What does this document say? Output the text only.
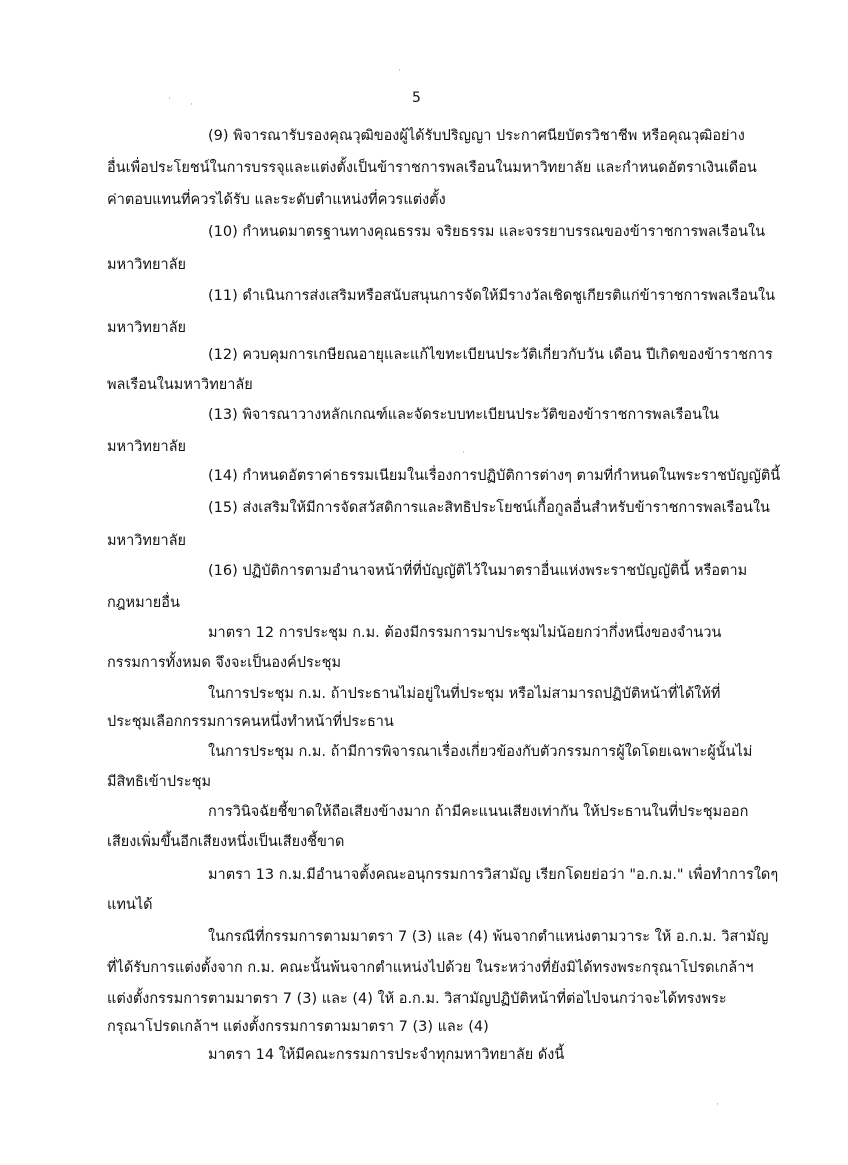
5
(9) พิจารณารับรองคุณวุฒิของผู้ได้รับปริญญา ประกาศนียบัตรวิชาชีพ หรือคุณวุฒิอย่าง
อื่นเพื่อประโยชน์ในการบรรจุและแต่งตั้งเป็นข้าราชการพลเรือนในมหาวิทยาลัย และกำหนดอัตราเงินเดือน
ค่าตอบแทนที่ควรได้รับ และระดับตำแหน่งที่ควรแต่งตั้ง
(10) กำหนดมาตรฐานทางคุณธรรม จริยธรรม และจรรยาบรรณของข้าราชการพลเรือนใน
มหาวิทยาลัย
(11) ดำเนินการส่งเสริมหรือสนับสนุนการจัดให้มีรางวัลเชิดชูเกียรติแก่ข้าราชการพลเรือนใน
มหาวิทยาลัย
(12) ควบคุมการเกษียณอายุและแก้ไขทะเบียนประวัติเกี่ยวกับวัน เดือน ปีเกิดของข้าราชการ
พลเรือนในมหาวิทยาลัย
(13) พิจารณาวางหลักเกณฑ์และจัดระบบทะเบียนประวัติของข้าราชการพลเรือนใน
มหาวิทยาลัย
(14) กำหนดอัตราค่าธรรมเนียมในเรื่องการปฏิบัติการต่างๆ ตามที่กำหนดในพระราชบัญญัตินี้
(15) ส่งเสริมให้มีการจัดสวัสดิการและสิทธิประโยชน์เกื้อกูลอื่นสำหรับข้าราชการพลเรือนใน
มหาวิทยาลัย
(16) ปฏิบัติการตามอำนาจหน้าที่ที่บัญญัติไว้ในมาตราอื่นแห่งพระราชบัญญัตินี้ หรือตาม
กฎหมายอื่น
มาตรา 12 การประชุม ก.ม. ต้องมีกรรมการมาประชุมไม่น้อยกว่ากึ่งหนึ่งของจำนวน
กรรมการทั้งหมด จึงจะเป็นองค์ประชุม
ในการประชุม ก.ม. ถ้าประธานไม่อยู่ในที่ประชุม หรือไม่สามารถปฏิบัติหน้าที่ได้ให้ที่
ประชุมเลือกกรรมการคนหนึ่งทำหน้าที่ประธาน
ในการประชุม ก.ม. ถ้ามีการพิจารณาเรื่องเกี่ยวข้องกับตัวกรรมการผู้ใดโดยเฉพาะผู้นั้นไม่
มีสิทธิเข้าประชุม
การวินิจฉัยชี้ขาดให้ถือเสียงข้างมาก ถ้ามีคะแนนเสียงเท่ากัน ให้ประธานในที่ประชุมออก
เสียงเพิ่มขึ้นอีกเสียงหนึ่งเป็นเสียงชี้ขาด
มาตรา 13 ก.ม.มีอำนาจตั้งคณะอนุกรรมการวิสามัญ เรียกโดยย่อว่า "อ.ก.ม." เพื่อทำการใดๆ
แทนได้
ในกรณีที่กรรมการตามมาตรา 7 (3) และ (4) พ้นจากตำแหน่งตามวาระ ให้ อ.ก.ม. วิสามัญ
ที่ได้รับการแต่งตั้งจาก ก.ม. คณะนั้นพ้นจากตำแหน่งไปด้วย ในระหว่างที่ยังมิได้ทรงพระกรุณาโปรดเกล้าฯ
แต่งตั้งกรรมการตามมาตรา 7 (3) และ (4) ให้ อ.ก.ม. วิสามัญปฏิบัติหน้าที่ต่อไปจนกว่าจะได้ทรงพระ
กรุณาโปรดเกล้าฯ แต่งตั้งกรรมการตามมาตรา 7 (3) และ (4)
มาตรา 14 ให้มีคณะกรรมการประจำทุกมหาวิทยาลัย ดังนี้
·
·
·
·
·
